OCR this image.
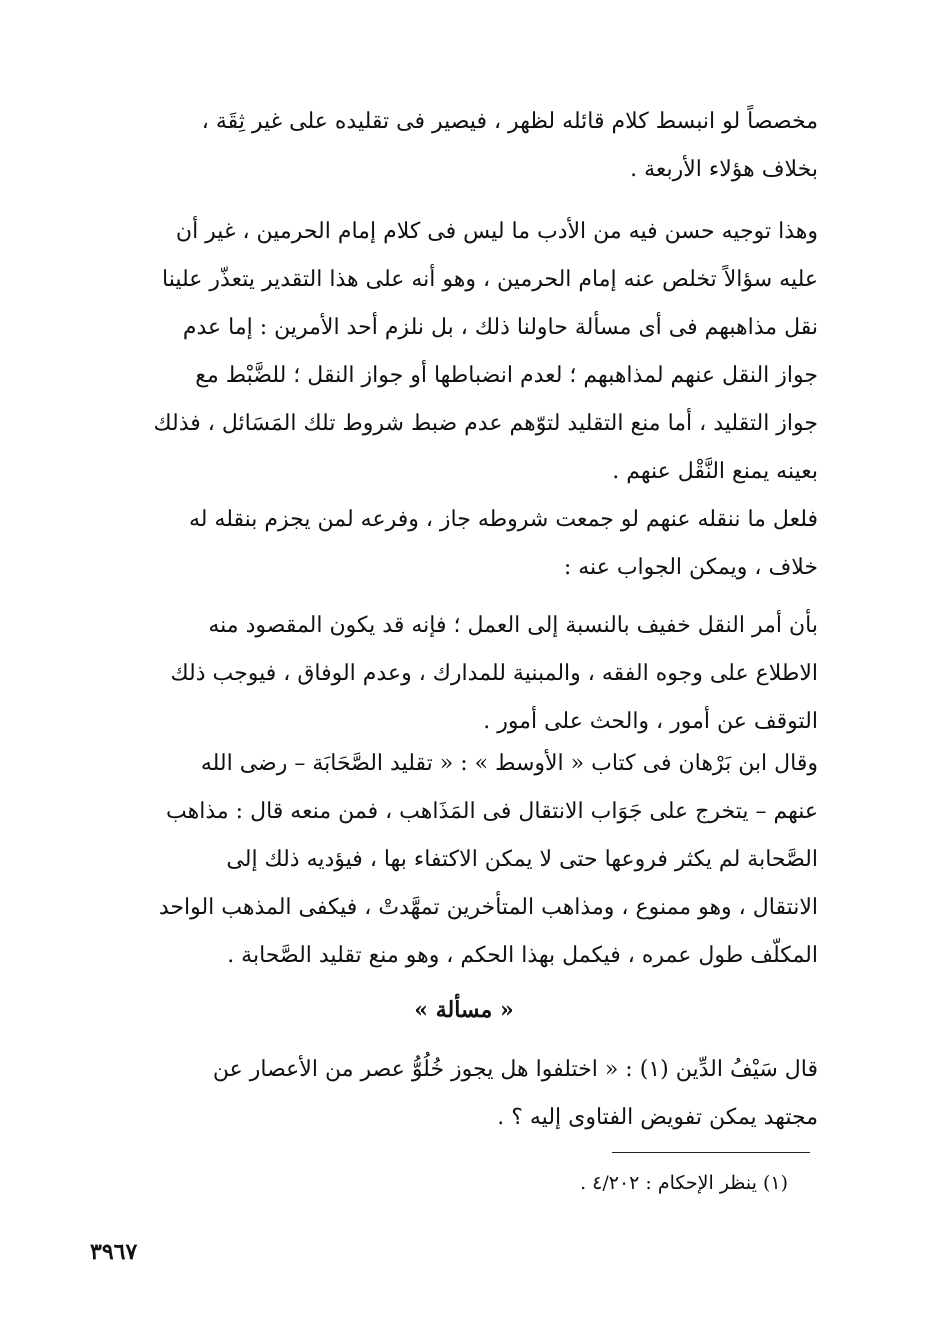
مخصصاً لو انبسط كلام قائله لظهر ، فيصير فى تقليده على غير ثِقَة ،
بخلاف هؤلاء الأربعة .
وهذا توجيه حسن فيه من الأدب ما ليس فى كلام إمام الحرمين ، غير أن
عليه سؤالاً تخلص عنه إمام الحرمين ، وهو أنه على هذا التقدير يتعذّر علينا
نقل مذاهبهم فى أى مسألة حاولنا ذلك ، بل نلزم أحد الأمرين : إما عدم
جواز النقل عنهم لمذاهبهم ؛ لعدم انضباطها أو جواز النقل ؛ للضَّبْط مع
جواز التقليد ، أما منع التقليد لتوّهم عدم ضبط شروط تلك المَسَائل ، فذلك
بعينه يمنع النَّقْل عنهم .
فلعل ما ننقله عنهم لو جمعت شروطه جاز ، وفرعه لمن يجزم بنقله له
خلاف ، ويمكن الجواب عنه :
بأن أمر النقل خفيف بالنسبة إلى العمل ؛ فإنه قد يكون المقصود منه
الاطلاع على وجوه الفقه ، والمبنية للمدارك ، وعدم الوفاق ، فيوجب ذلك
التوقف عن أمور ، والحث على أمور .
وقال ابن بَرْهان فى كتاب « الأوسط » : « تقليد الصَّحَابَة – رضى الله
عنهم – يتخرج على جَوَاب الانتقال فى المَذَاهب ، فمن منعه قال : مذاهب
الصَّحابة لم يكثر فروعها حتى لا يمكن الاكتفاء بها ، فيؤديه ذلك إلى
الانتقال ، وهو ممنوع ، ومذاهب المتأخرين تمهَّدتْ ، فيكفى المذهب الواحد
المكلّف طول عمره ، فيكمل بهذا الحكم ، وهو منع تقليد الصَّحابة .
« مسألة »
قال سَيْفُ الدِّين (١) : « اختلفوا هل يجوز خُلُوُّ عصر من الأعصار عن
مجتهد يمكن تفويض الفتاوى إليه ؟ .
(١) ينظر الإحكام : ٤/٢٠٢ .
٣٩٦٧
